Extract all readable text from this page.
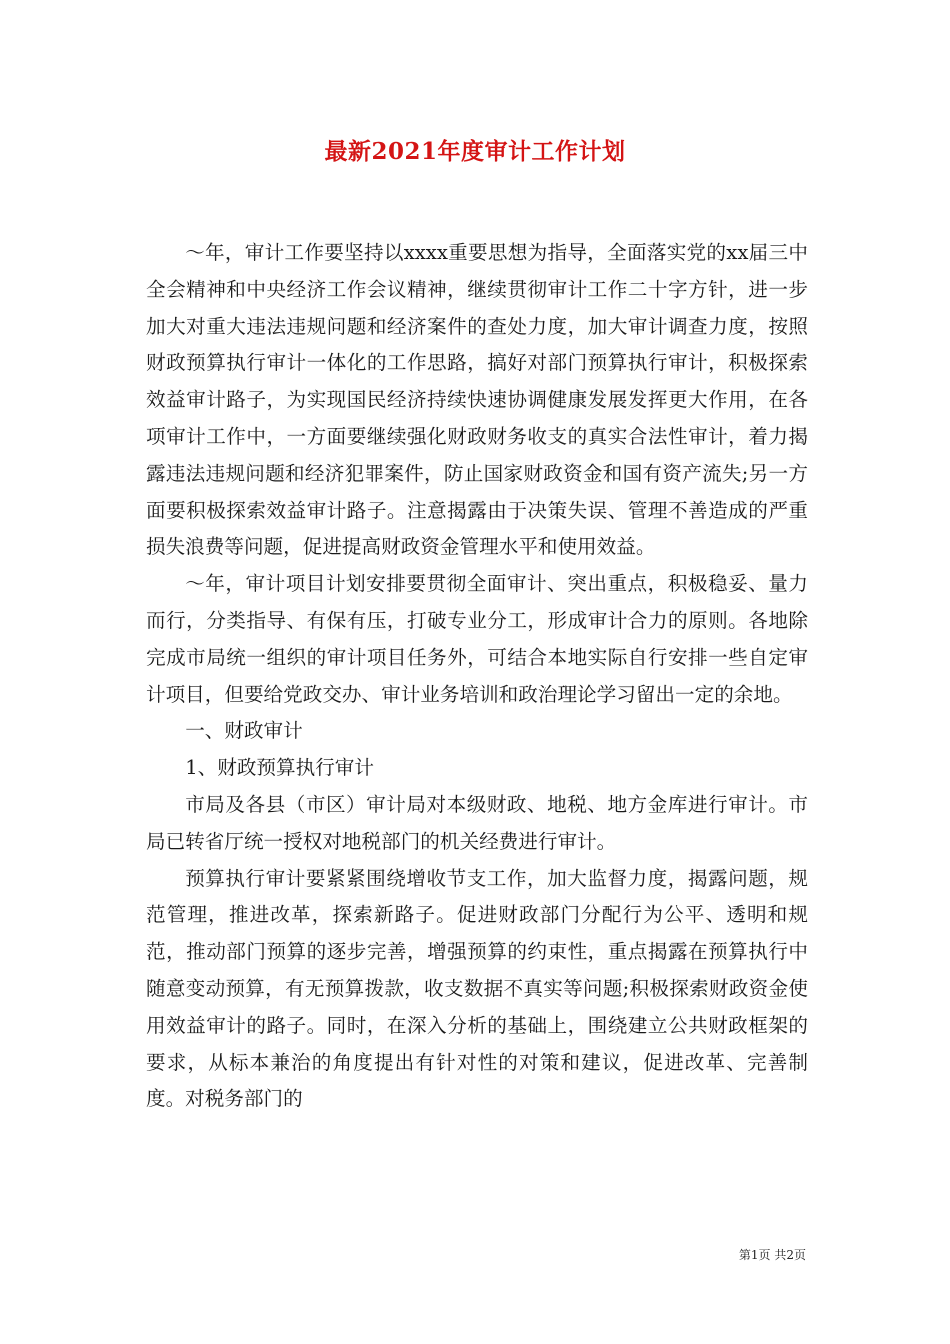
最新2021年度审计工作计划

～年，审计工作要坚持以xxxx重要思想为指导，全面落实党的xx届三中全会精神和中央经济工作会议精神，继续贯彻审计工作二十字方针，进一步加大对重大违法违规问题和经济案件的查处力度，加大审计调查力度，按照财政预算执行审计一体化的工作思路，搞好对部门预算执行审计，积极探索效益审计路子，为实现国民经济持续快速协调健康发展发挥更大作用，在各项审计工作中，一方面要继续强化财政财务收支的真实合法性审计，着力揭露违法违规问题和经济犯罪案件，防止国家财政资金和国有资产流失;另一方面要积极探索效益审计路子。注意揭露由于决策失误、管理不善造成的严重损失浪费等问题，促进提高财政资金管理水平和使用效益。

～年，审计项目计划安排要贯彻全面审计、突出重点，积极稳妥、量力而行，分类指导、有保有压，打破专业分工，形成审计合力的原则。各地除完成市局统一组织的审计项目任务外，可结合本地实际自行安排一些自定审计项目，但要给党政交办、审计业务培训和政治理论学习留出一定的余地。

一、财政审计

1、财政预算执行审计

市局及各县（市区）审计局对本级财政、地税、地方金库进行审计。市局已转省厅统一授权对地税部门的机关经费进行审计。

预算执行审计要紧紧围绕增收节支工作，加大监督力度，揭露问题，规范管理，推进改革，探索新路子。促进财政部门分配行为公平、透明和规范，推动部门预算的逐步完善，增强预算的约束性，重点揭露在预算执行中随意变动预算，有无预算拨款，收支数据不真实等问题;积极探索财政资金使用效益审计的路子。同时，在深入分析的基础上，围绕建立公共财政框架的要求，从标本兼治的角度提出有针对性的对策和建议，促进改革、完善制度。对税务部门的

第1页 共2页
